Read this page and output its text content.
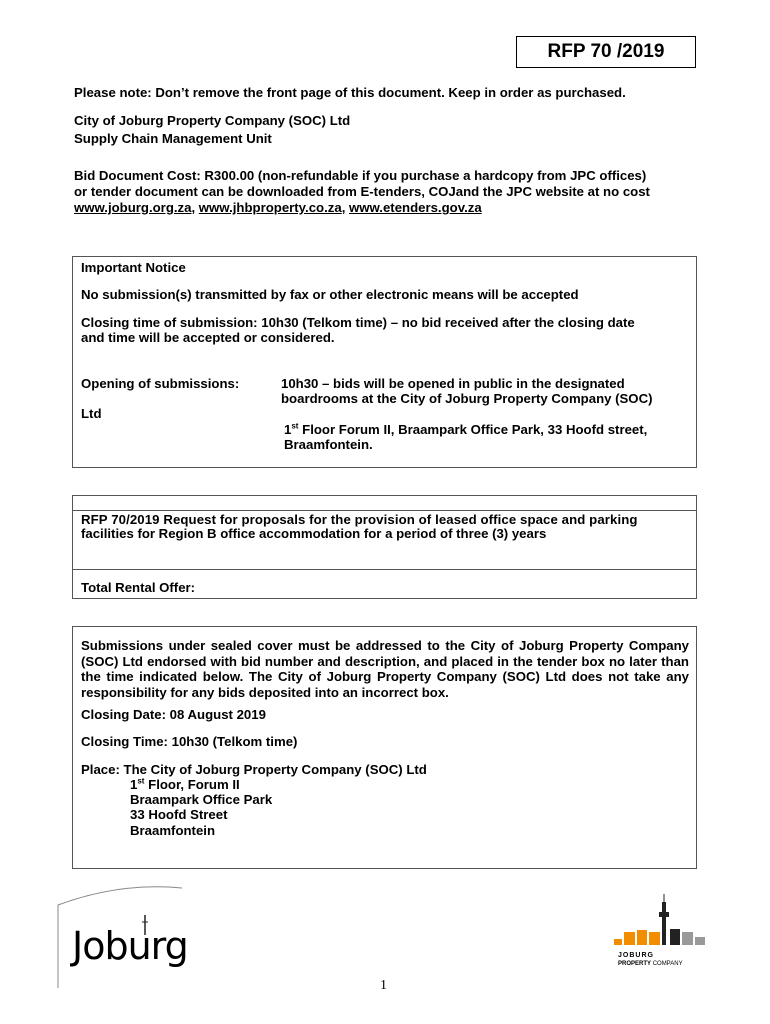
RFP 70 /2019
Please note: Don’t remove the front page of this document. Keep in order as purchased.
City of Joburg Property Company (SOC) Ltd
Supply Chain Management Unit
Bid Document Cost: R300.00 (non-refundable if you purchase a hardcopy from JPC offices)
or tender document can be downloaded from E-tenders, COJand the JPC website at no cost
www.joburg.org.za, www.jhbproperty.co.za, www.etenders.gov.za
Important Notice
No submission(s) transmitted by fax or other electronic means will be accepted
Closing time of submission: 10h30 (Telkom time) – no bid received after the closing date
and time will be accepted or considered.
Opening of submissions:	10h30 – bids will be opened in public in the designated
boardrooms at the City of Joburg Property Company (SOC)
Ltd
1st Floor Forum II, Braampark Office Park, 33 Hoofd street,
Braamfontein.
RFP 70/2019 Request for proposals for the provision of leased office space and parking
facilities for Region B office accommodation for a period of three (3) years
Total Rental Offer:
Submissions under sealed cover must be addressed to the City of Joburg Property Company (SOC) Ltd endorsed with bid number and description, and placed in the tender box no later than the time indicated below. The City of Joburg Property Company (SOC) Ltd does not take any responsibility for any bids deposited into an incorrect box.
Closing Date: 08 August 2019
Closing Time: 10h30 (Telkom time)
Place: The City of Joburg Property Company (SOC) Ltd
1st Floor, Forum II
Braampark Office Park
33 Hoofd Street
Braamfontein
Joburg	JOBURG
PROPERTY COMPANY
1
